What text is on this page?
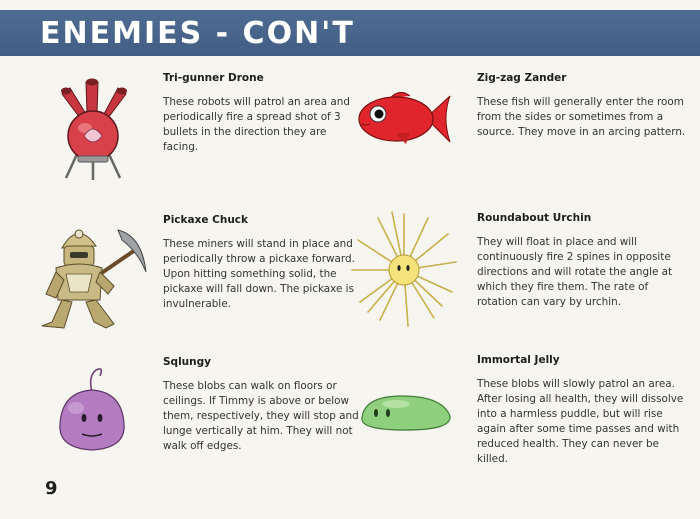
ENEMIES - CON'T
Tri-gunner Drone

These robots will patrol an area and periodically fire a spread shot of 3 bullets in the direction they are facing.

Zig-zag Zander

These fish will generally enter the room from the sides or sometimes from a source. They move in an arcing pattern.

Pickaxe Chuck

These miners will stand in place and periodically throw a pickaxe forward. Upon hitting something solid, the pickaxe will fall down. The pickaxe is invulnerable.

Roundabout Urchin

They will float in place and will continuously fire 2 spines in opposite directions and will rotate the angle at which they fire them. The rate of rotation can vary by urchin.

Sqlungy

These blobs can walk on floors or ceilings. If Timmy is above or below them, respectively, they will stop and lunge vertically at him. They will not walk off edges.

Immortal Jelly

These blobs will slowly patrol an area. After losing all health, they will dissolve into a harmless puddle, but will rise again after some time passes and with reduced health. They can never be killed.

9
